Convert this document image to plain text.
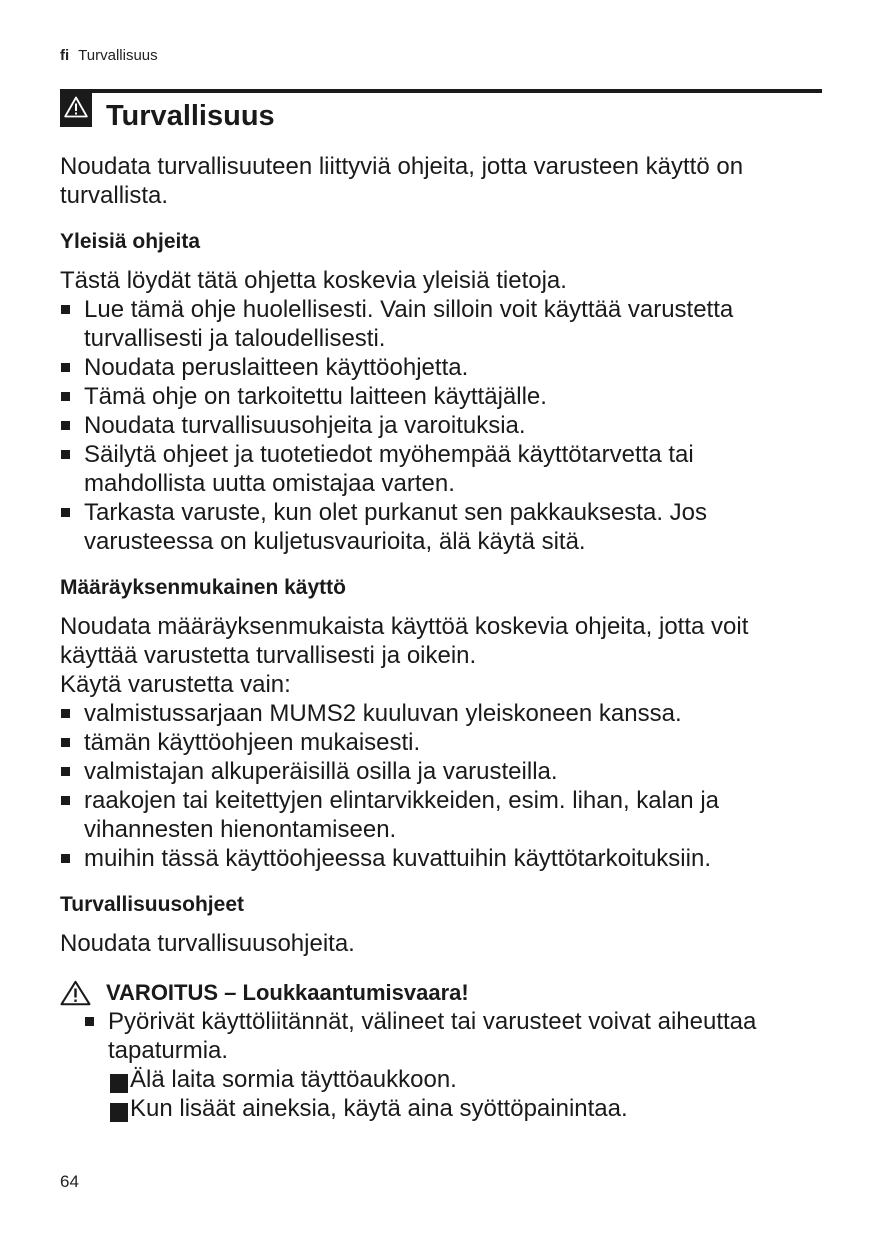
fi Turvallisuus
Turvallisuus

Noudata turvallisuuteen liittyviä ohjeita, jotta varusteen käyttö on turvallista.

Yleisiä ohjeita

Tästä löydät tätä ohjetta koskevia yleisiä tietoja.

Lue tämä ohje huolellisesti. Vain silloin voit käyttää varustetta turvallisesti ja taloudellisesti.
Noudata peruslaitteen käyttöohjetta.
Tämä ohje on tarkoitettu laitteen käyttäjälle.
Noudata turvallisuusohjeita ja varoituksia.
Säilytä ohjeet ja tuotetiedot myöhempää käyttötarvetta tai mahdollista uutta omistajaa varten.
Tarkasta varuste, kun olet purkanut sen pakkauksesta. Jos varusteessa on kuljetusvaurioita, älä käytä sitä.
Määräyksenmukainen käyttö

Noudata määräyksenmukaista käyttöä koskevia ohjeita, jotta voit käyttää varustetta turvallisesti ja oikein.

Käytä varustetta vain:

valmistussarjaan MUMS2 kuuluvan yleiskoneen kanssa.
tämän käyttöohjeen mukaisesti.
valmistajan alkuperäisillä osilla ja varusteilla.
raakojen tai keitettyjen elintarvikkeiden, esim. lihan, kalan ja vihannesten hienontamiseen.
muihin tässä käyttöohjeessa kuvattuihin käyttötarkoituksiin.
Turvallisuusohjeet

Noudata turvallisuusohjeita.

VAROITUS – Loukkaantumisvaara!
Pyörivät käyttöliitännät, välineet tai varusteet voivat aiheuttaa tapaturmia.
Älä laita sormia täyttöaukkoon.
Kun lisäät aineksia, käytä aina syöttöpainintaa.
64
